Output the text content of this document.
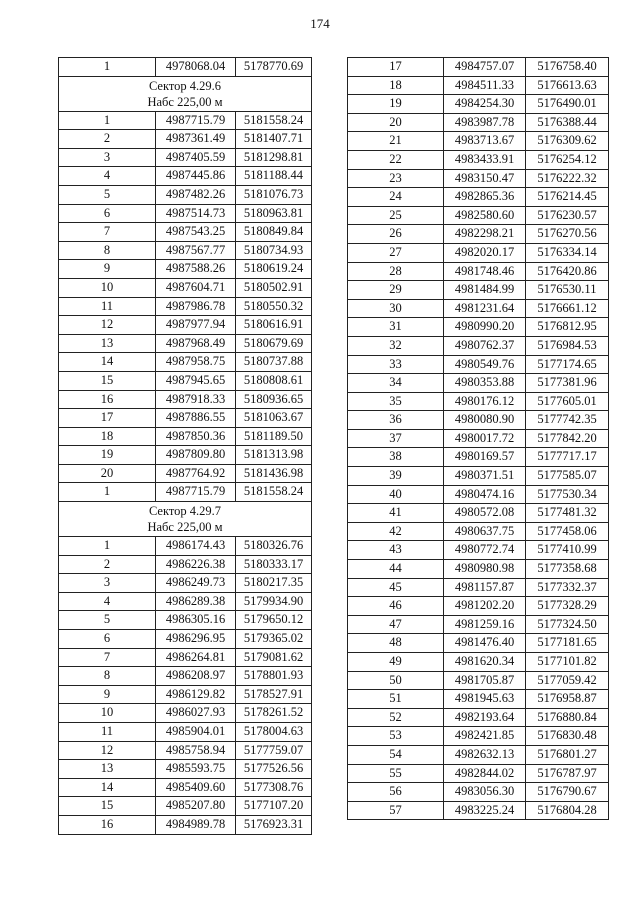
174
1	4978068.04	5178770.69

Сектор 4.29.6
Набс 225,00 м		

1	4987715.79	5181558.24
2	4987361.49	5181407.71
3	4987405.59	5181298.81
4	4987445.86	5181188.44
5	4987482.26	5181076.73
6	4987514.73	5180963.81
7	4987543.25	5180849.84
8	4987567.77	5180734.93
9	4987588.26	5180619.24
10	4987604.71	5180502.91
11	4987986.78	5180550.32
12	4987977.94	5180616.91
13	4987968.49	5180679.69
14	4987958.75	5180737.88
15	4987945.65	5180808.61
16	4987918.33	5180936.65
17	4987886.55	5181063.67
18	4987850.36	5181189.50
19	4987809.80	5181313.98
20	4987764.92	5181436.98
1	4987715.79	5181558.24

Сектор 4.29.7
Набс 225,00 м		

1	4986174.43	5180326.76
2	4986226.38	5180333.17
3	4986249.73	5180217.35
4	4986289.38	5179934.90
5	4986305.16	5179650.12
6	4986296.95	5179365.02
7	4986264.81	5179081.62
8	4986208.97	5178801.93
9	4986129.82	5178527.91
10	4986027.93	5178261.52
11	4985904.01	5178004.63
12	4985758.94	5177759.07
13	4985593.75	5177526.56
14	4985409.60	5177308.76
15	4985207.80	5177107.20
16	4984989.78	5176923.31
17	4984757.07	5176758.40
18	4984511.33	5176613.63
19	4984254.30	5176490.01
20	4983987.78	5176388.44
21	4983713.67	5176309.62
22	4983433.91	5176254.12
23	4983150.47	5176222.32
24	4982865.36	5176214.45
25	4982580.60	5176230.57
26	4982298.21	5176270.56
27	4982020.17	5176334.14
28	4981748.46	5176420.86
29	4981484.99	5176530.11
30	4981231.64	5176661.12
31	4980990.20	5176812.95
32	4980762.37	5176984.53
33	4980549.76	5177174.65
34	4980353.88	5177381.96
35	4980176.12	5177605.01
36	4980080.90	5177742.35
37	4980017.72	5177842.20
38	4980169.57	5177717.17
39	4980371.51	5177585.07
40	4980474.16	5177530.34
41	4980572.08	5177481.32
42	4980637.75	5177458.06
43	4980772.74	5177410.99
44	4980980.98	5177358.68
45	4981157.87	5177332.37
46	4981202.20	5177328.29
47	4981259.16	5177324.50
48	4981476.40	5177181.65
49	4981620.34	5177101.82
50	4981705.87	5177059.42
51	4981945.63	5176958.87
52	4982193.64	5176880.84
53	4982421.85	5176830.48
54	4982632.13	5176801.27
55	4982844.02	5176787.97
56	4983056.30	5176790.67
57	4983225.24	5176804.28
